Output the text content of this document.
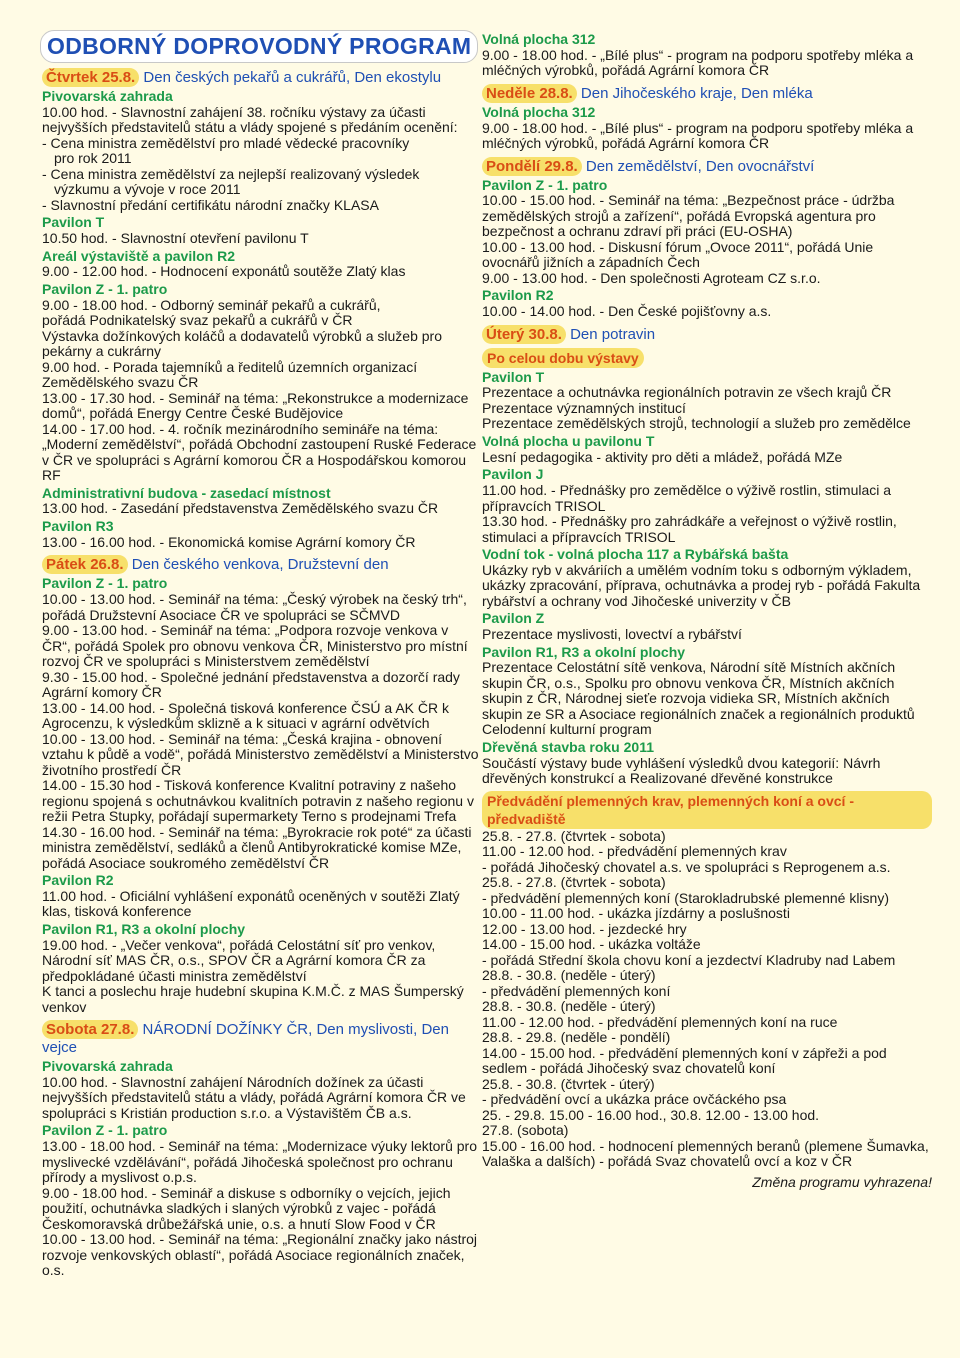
ODBORNÝ DOPROVODNÝ PROGRAM
Čtvrtek 25.8. Den českých pekařů a cukrářů, Den ekostylu
Pivovarská zahrada
10.00 hod. - Slavnostní zahájení 38. ročníku výstavy za účasti nejvyšších představitelů státu a vlády spojené s předáním ocenění:
- Cena ministra zemědělství pro mladé vědecké pracovníky
pro rok 2011
- Cena ministra zemědělství za nejlepší realizovaný výsledek
výzkumu a vývoje v roce 2011
- Slavnostní předání certifikátu národní značky KLASA
Pavilon T
10.50 hod. - Slavnostní otevření pavilonu T
Areál výstaviště a pavilon R2
9.00 - 12.00 hod. - Hodnocení exponátů soutěže Zlatý klas
Pavilon Z - 1. patro
9.00 - 18.00 hod. - Odborný seminář pekařů a cukrářů,
pořádá Podnikatelský svaz pekařů a cukrářů v ČR
Výstavka dožínkových koláčů a dodavatelů výrobků a služeb pro pekárny a cukrárny
9.00 hod. - Porada tajemníků a ředitelů územních organizací Zemědělského svazu ČR
13.00 - 17.30 hod. - Seminář na téma: „Rekonstrukce a modernizace domů“, pořádá Energy Centre České Budějovice
14.00 - 17.00 hod. - 4. ročník mezinárodního semináře na téma: „Moderní zemědělství“, pořádá Obchodní zastoupení Ruské Federace v ČR ve spolupráci s Agrární komorou ČR a Hospodářskou komorou RF
Administrativní budova - zasedací místnost
13.00 hod. - Zasedání představenstva Zemědělského svazu ČR
Pavilon R3
13.00 - 16.00 hod. - Ekonomická komise Agrární komory ČR
Pátek 26.8. Den českého venkova, Družstevní den
Pavilon Z - 1. patro
10.00 - 13.00 hod. - Seminář na téma: „Český výrobek na český trh“, pořádá Družstevní Asociace ČR ve spolupráci se SČMVD
9.00 - 13.00 hod. - Seminář na téma: „Podpora rozvoje venkova v ČR“, pořádá Spolek pro obnovu venkova ČR, Ministerstvo pro místní rozvoj ČR ve spolupráci s Ministerstvem zemědělství
9.30 - 15.00 hod. - Společné jednání představenstva a dozorčí rady Agrární komory ČR
13.00 - 14.00 hod. - Společná tisková konference ČSÚ a AK ČR k Agrocenzu, k výsledkům sklizně a k situaci v agrární odvětvích
10.00 - 13.00 hod. - Seminář na téma: „Česká krajina - obnovení vztahu k půdě a vodě“, pořádá Ministerstvo zemědělství a Ministerstvo životního prostředí ČR
14.00 - 15.30 hod - Tisková konference Kvalitní potraviny z našeho regionu spojená s ochutnávkou kvalitních potravin z našeho regionu v režii Petra Stupky, pořádají supermarkety Terno s prodejnami Trefa
14.30 - 16.00 hod. - Seminář na téma: „Byrokracie rok poté“ za účasti ministra zemědělství, sedláků a členů Antibyrokratické komise MZe, pořádá Asociace soukromého zemědělství ČR
Pavilon R2
11.00 hod. - Oficiální vyhlášení exponátů oceněných v soutěži Zlatý klas, tisková konference
Pavilon R1, R3 a okolní plochy
19.00 hod. - „Večer venkova“, pořádá Celostátní síť pro venkov, Národní síť MAS ČR, o.s., SPOV ČR a Agrární komora ČR za předpokládané účasti ministra zemědělství
K tanci a poslechu hraje hudební skupina K.M.Č. z MAS Šumperský venkov
Sobota 27.8. NÁRODNÍ DOŽÍNKY ČR, Den myslivosti, Den vejce
Pivovarská zahrada
10.00 hod. - Slavnostní zahájení Národních dožínek za účasti nejvyšších představitelů státu a vlády, pořádá Agrární komora ČR ve spolupráci s Kristián production s.r.o. a Výstavištěm ČB a.s.
Pavilon Z - 1. patro
13.00 - 18.00 hod. - Seminář na téma: „Modernizace výuky lektorů pro myslivecké vzdělávání“, pořádá Jihočeská společnost pro ochranu přírody a myslivost o.p.s.
9.00 - 18.00 hod. - Seminář a diskuse s odborníky o vejcích, jejich použití, ochutnávka sladkých i slaných výrobků z vajec - pořádá Českomoravská drůbežářská unie, o.s. a hnutí Slow Food v ČR
10.00 - 13.00 hod. - Seminář na téma: „Regionální značky jako nástroj rozvoje venkovských oblastí“, pořádá Asociace regionálních značek, o.s.
Volná plocha 312
9.00 - 18.00 hod. - „Bílé plus“ - program na podporu spotřeby mléka a mléčných výrobků, pořádá Agrární komora ČR
Neděle 28.8. Den Jihočeského kraje, Den mléka
Volná plocha 312
9.00 - 18.00 hod. - „Bílé plus“ - program na podporu spotřeby mléka a mléčných výrobků, pořádá Agrární komora ČR
Pondělí 29.8. Den zemědělství, Den ovocnářství
Pavilon Z - 1. patro
10.00 - 15.00 hod. - Seminář na téma: „Bezpečnost práce - údržba zemědělských strojů a zařízení“, pořádá Evropská agentura pro bezpečnost a ochranu zdraví při práci (EU-OSHA)
10.00 - 13.00 hod. - Diskusní fórum „Ovoce 2011“, pořádá Unie ovocnářů jižních a západních Čech
9.00 - 13.00 hod. - Den společnosti Agroteam CZ s.r.o.
Pavilon R2
10.00 - 14.00 hod. - Den České pojišťovny a.s.
Úterý 30.8. Den potravin
Po celou dobu výstavy
Pavilon T
Prezentace a ochutnávka regionálních potravin ze všech krajů ČR
Prezentace významných institucí
Prezentace zemědělských strojů, technologií a služeb pro zemědělce
Volná plocha u pavilonu T
Lesní pedagogika - aktivity pro děti a mládež, pořádá MZe
Pavilon J
11.00 hod. - Přednášky pro zemědělce o výživě rostlin, stimulaci a přípravcích TRISOL
13.30 hod. - Přednášky pro zahrádkáře a veřejnost o výživě rostlin, stimulaci a přípravcích TRISOL
Vodní tok - volná plocha 117 a Rybářská bašta
Ukázky ryb v akváriích a umělém vodním toku s odborným výkladem, ukázky zpracování, příprava, ochutnávka a prodej ryb - pořádá Fakulta rybářství a ochrany vod Jihočeské univerzity v ČB
Pavilon Z
Prezentace myslivosti, lovectví a rybářství
Pavilon R1, R3 a okolní plochy
Prezentace Celostátní sítě venkova, Národní sítě Místních akčních skupin ČR, o.s., Spolku pro obnovu venkova ČR, Místních akčních skupin z ČR, Národnej sieťe rozvoja vidieka SR, Místních akčních skupin ze SR a Asociace regionálních značek a regionálních produktů
Celodenní kulturní program
Dřevěná stavba roku 2011
Součástí výstavy bude vyhlášení výsledků dvou kategorií: Návrh dřevěných konstrukcí a Realizované dřevěné konstrukce
Předvádění plemenných krav, plemenných koní a ovcí - předvadiště
25.8. - 27.8. (čtvrtek - sobota)
11.00 - 12.00 hod. - předvádění plemenných krav
- pořádá Jihočeský chovatel a.s. ve spolupráci s Reprogenem a.s.
25.8. - 27.8. (čtvrtek - sobota)
- předvádění plemenných koní (Starokladrubské plemenné klisny)
10.00 - 11.00 hod. - ukázka jízdárny a poslušnosti
12.00 - 13.00 hod. - jezdecké hry
14.00 - 15.00 hod. - ukázka voltáže
- pořádá Střední škola chovu koní a jezdectví Kladruby nad Labem
28.8. - 30.8. (neděle - úterý)
- předvádění plemenných koní
28.8. - 30.8. (neděle - úterý)
11.00 - 12.00 hod. - předvádění plemenných koní na ruce
28.8. - 29.8. (neděle - pondělí)
14.00 - 15.00 hod. - předvádění plemenných koní v zápřeži a pod sedlem - pořádá Jihočeský svaz chovatelů koní
25.8. - 30.8. (čtvrtek - úterý)
- předvádění ovcí a ukázka práce ovčáckého psa
25. - 29.8. 15.00 - 16.00 hod., 30.8. 12.00 - 13.00 hod.
27.8. (sobota)
15.00 - 16.00 hod. - hodnocení plemenných beranů (plemene Šumavka, Valaška a dalších) - pořádá Svaz chovatelů ovcí a koz v ČR
Změna programu vyhrazena!
